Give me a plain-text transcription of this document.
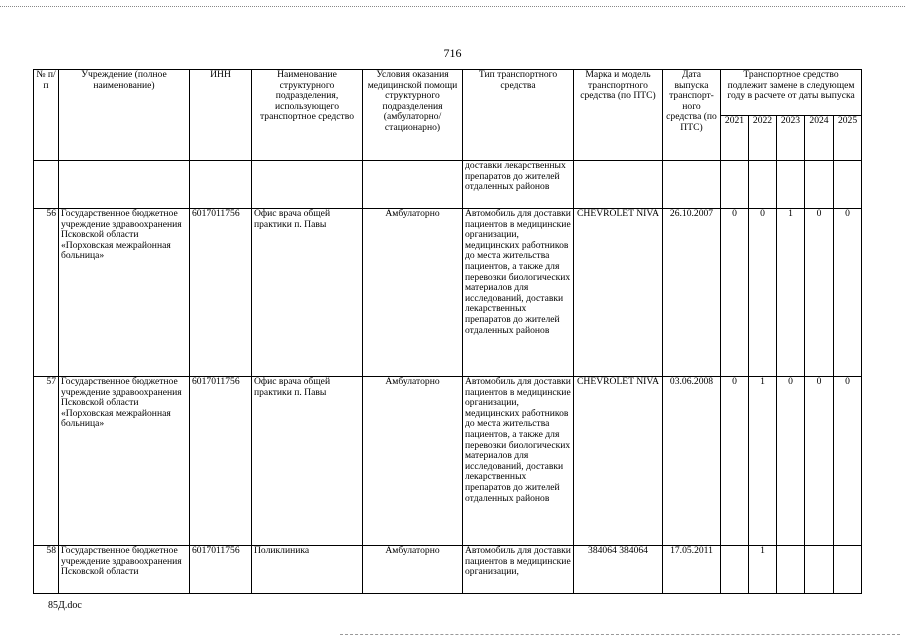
716
№ п/п	Учреждение (полное наименование)	ИНН	Наименование структурного подразделения, использующего транспортное средство	Условия оказания медицинской помощи структурного подразделения (амбулаторно/ стационарно)	Тип транспортного средства	Марка и модель транспортного средства (по ПТС)	Дата выпуска транспорт-ного средства (по ПТС)	Транспортное средство подлежит замене в следующем году в расчете от даты выпуска				
								2021	2022	2023	2024	2025
					доставки лекарственных препаратов до жителей отдаленных районов							
56	Государственное бюджетное учреждение здравоохранения Псковской области «Порховская межрайонная больница»	6017011756	Офис врача общей практики п. Павы	Амбулаторно	Автомобиль для доставки пациентов в медицинские организации, медицинских работников до места жительства пациентов, а также для перевозки биологических материалов для исследований, доставки лекарственных препаратов до жителей отдаленных районов	CHEVROLET NIVA	26.10.2007	0	0	1	0	0
57	Государственное бюджетное учреждение здравоохранения Псковской области «Порховская межрайонная больница»	6017011756	Офис врача общей практики п. Павы	Амбулаторно	Автомобиль для доставки пациентов в медицинские организации, медицинских работников до места жительства пациентов, а также для перевозки биологических материалов для исследований, доставки лекарственных препаратов до жителей отдаленных районов	CHEVROLET NIVA	03.06.2008	0	1	0	0	0
58	Государственное бюджетное учреждение здравоохранения Псковской области	6017011756	Поликлиника	Амбулаторно	Автомобиль для доставки пациентов в медицинские организации,	384064 384064	17.05.2011		1			
85Д.doc
